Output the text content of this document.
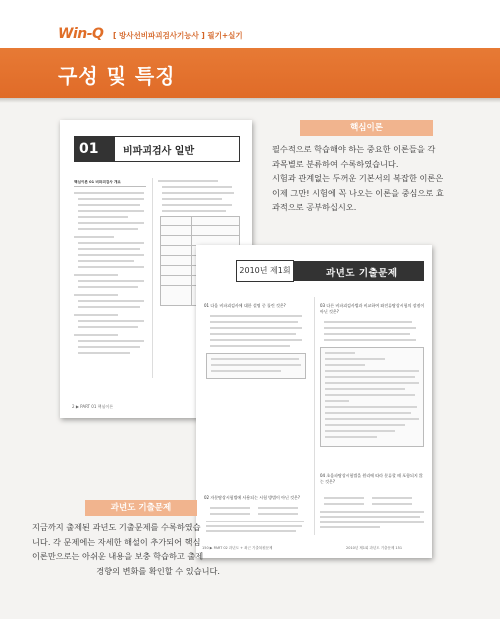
Win-Q [ 방사선비파괴검사기능사 ] 필기+실기
구성 및 특징
핵심이론
필수적으로 학습해야 하는 중요한 이론들을 각
과목별로 분류하여 수록하였습니다.
시험과 관계없는 두꺼운 기본서의 복잡한 이론은
이제 그만! 시험에 꼭 나오는 이론을 중심으로 효
과적으로 공부하십시오.
01	비파괴검사 일반
핵심이론 01 비파괴검사 개요
2 ▶ PART 01 핵심이론
2010년 제1회	과년도 기출문제
01 다음 비파괴검사에 대한 설명 중 틀린 것은?	03 다른 비파괴검사법과 비교하여 와전류탐상시험의 장점이 아닌 것은?
02 자분탐상시험법에 사용되는 시험 방법이 아닌 것은?
04 초음파탐상시험법을 원리에 따라 분류할 때 포함되지 않는 것은?
150 ▶ PART 02 과년도 + 최근 기출복원문제	2010년 제1회 과년도 기출문제 151
과년도 기출문제
지금까지 출제된 과년도 기출문제를 수록하였습
니다. 각 문제에는 자세한 해설이 추가되어 핵심
이론만으로는 아쉬운 내용을 보충 학습하고 출제
경향의 변화를 확인할 수 있습니다.
